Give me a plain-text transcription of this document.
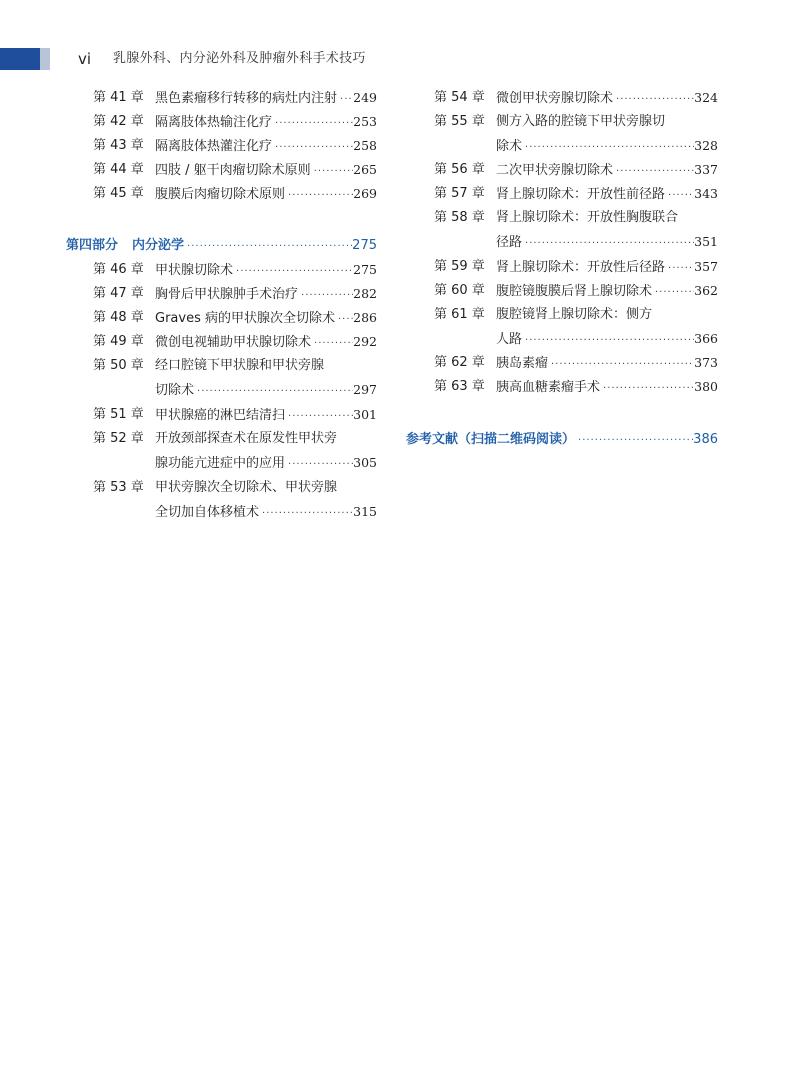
vi 乳腺外科、内分泌外科及肿瘤外科手术技巧
第 41 章 黑色素瘤移行转移的病灶内注射 ····· 249
第 42 章 隔离肢体热输注化疗 ·····	253
第 43 章 隔离肢体热灌注化疗 ·····	258
第 44 章 四肢 / 躯干肉瘤切除术原则 ·····	265
第 45 章 腹膜后肉瘤切除术原则 ·····	269
第四部分 内分泌学 ·····	275
第 46 章 甲状腺切除术 ·····	275
第 47 章 胸骨后甲状腺肿手术治疗 ·····	282
第 48 章 Graves 病的甲状腺次全切除术 ····· 286
第 49 章 微创电视辅助甲状腺切除术 ·····	292
第 50 章 经口腔镜下甲状腺和甲状旁腺
切除术 ·····	297
第 51 章 甲状腺癌的淋巴结清扫 ·····	301
第 52 章 开放颈部探查术在原发性甲状旁
腺功能亢进症中的应用 ·····	305
第 53 章 甲状旁腺次全切除术、甲状旁腺
全切加自体移植术 ·····	315
第 54 章 微创甲状旁腺切除术 ·····	324
第 55 章 侧方入路的腔镜下甲状旁腺切
除术 ·····	328
第 56 章 二次甲状旁腺切除术 ·····	337
第 57 章 肾上腺切除术：开放性前径路 ····· 343
第 58 章 肾上腺切除术：开放性胸腹联合
径路 ·····	351
第 59 章 肾上腺切除术：开放性后径路 ····· 357
第 60 章 腹腔镜腹膜后肾上腺切除术 ·····	362
第 61 章 腹腔镜肾上腺切除术：侧方
人路 ·····	366
第 62 章 胰岛素瘤 ·····	373
第 63 章 胰高血糖素瘤手术 ·····	380
参考文献（扫描二维码阅读） ·····	386
